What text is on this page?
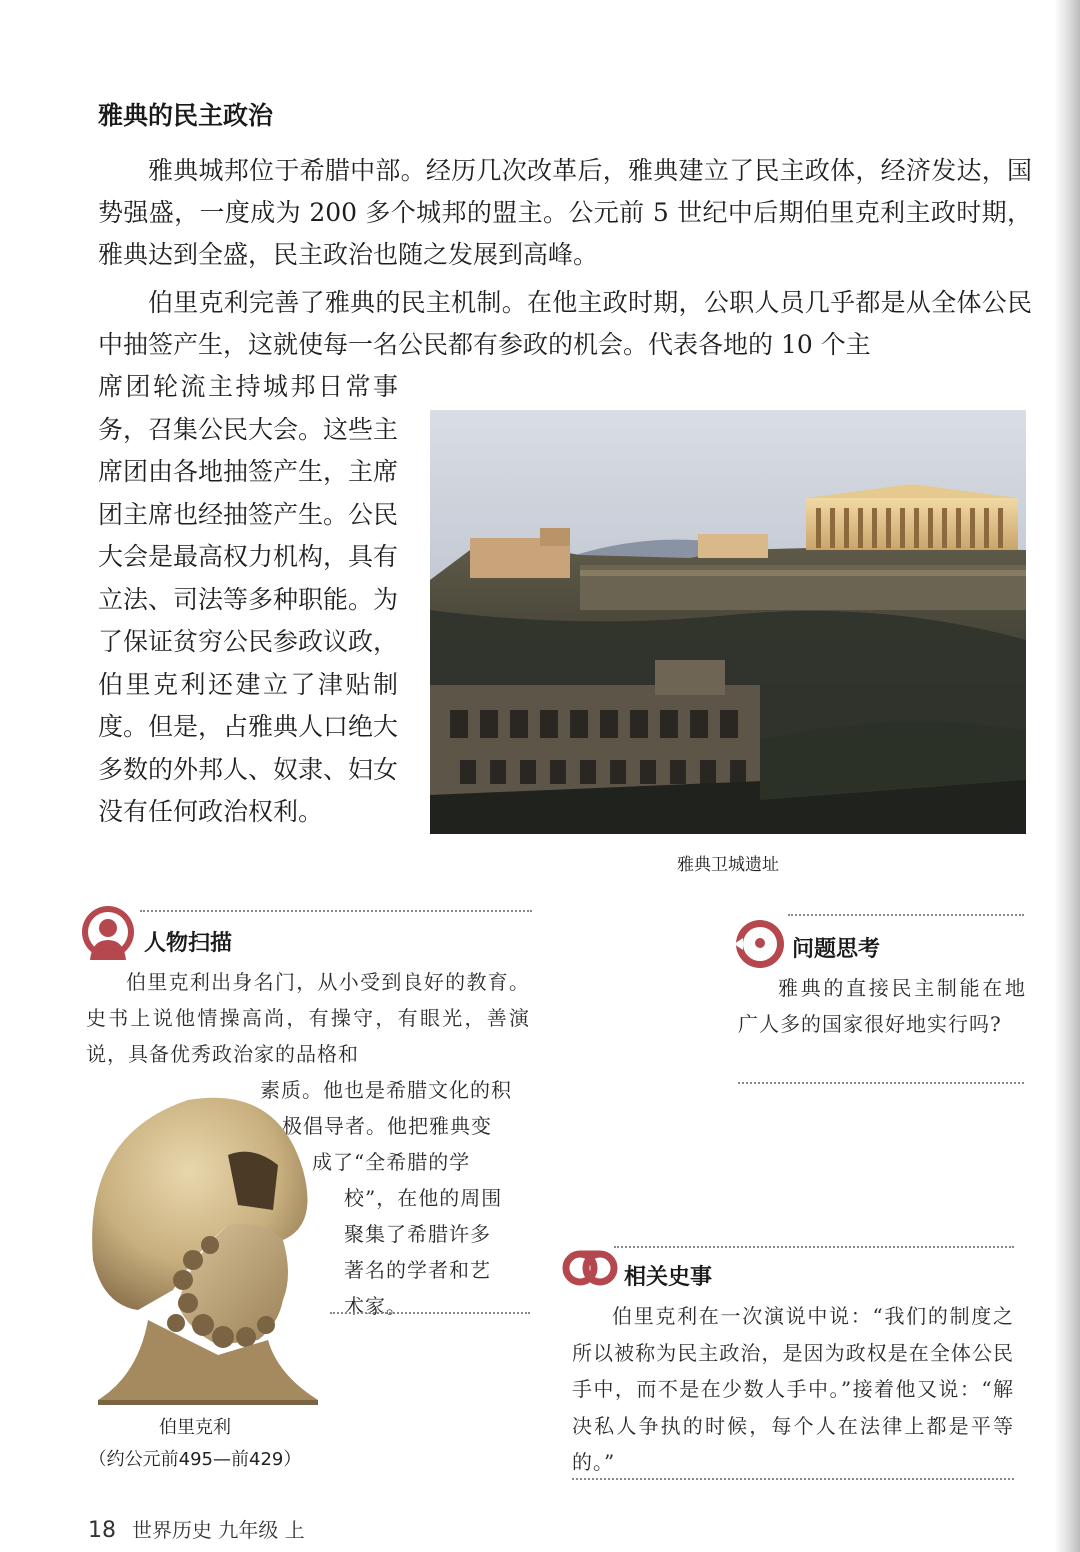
雅典的民主政治

雅典城邦位于希腊中部。经历几次改革后，雅典建立了民主政体，经济发达，国势强盛，一度成为 200 多个城邦的盟主。公元前 5 世纪中后期伯里克利主政时期，雅典达到全盛，民主政治也随之发展到高峰。

伯里克利完善了雅典的民主机制。在他主政时期，公职人员几乎都是从全体公民中抽签产生，这就使每一名公民都有参政的机会。代表各地的 10 个主

席团轮流主持城邦日常事务，召集公民大会。这些主席团由各地抽签产生，主席团主席也经抽签产生。公民大会是最高权力机构，具有立法、司法等多种职能。为了保证贫穷公民参政议政，伯里克利还建立了津贴制度。但是，占雅典人口绝大多数的外邦人、奴隶、妇女没有任何政治权利。

雅典卫城遗址
人物扫描

伯里克利出身名门，从小受到良好的教育。史书上说他情操高尚，有操守，有眼光，善演说，具备优秀政治家的品格和

素质。他也是希腊文化的积
极倡导者。他把雅典变
成了“全希腊的学
校”，在他的周围
聚集了希腊许多
著名的学者和艺
术家。
伯里克利
（约公元前495—前429）
问题思考

雅典的直接民主制能在地广人多的国家很好地实行吗?

相关史事

伯里克利在一次演说中说：“我们的制度之所以被称为民主政治，是因为政权是在全体公民手中，而不是在少数人手中。”接着他又说：“解决私人争执的时候，每个人在法律上都是平等的。”

18 世界历史 九年级 上
